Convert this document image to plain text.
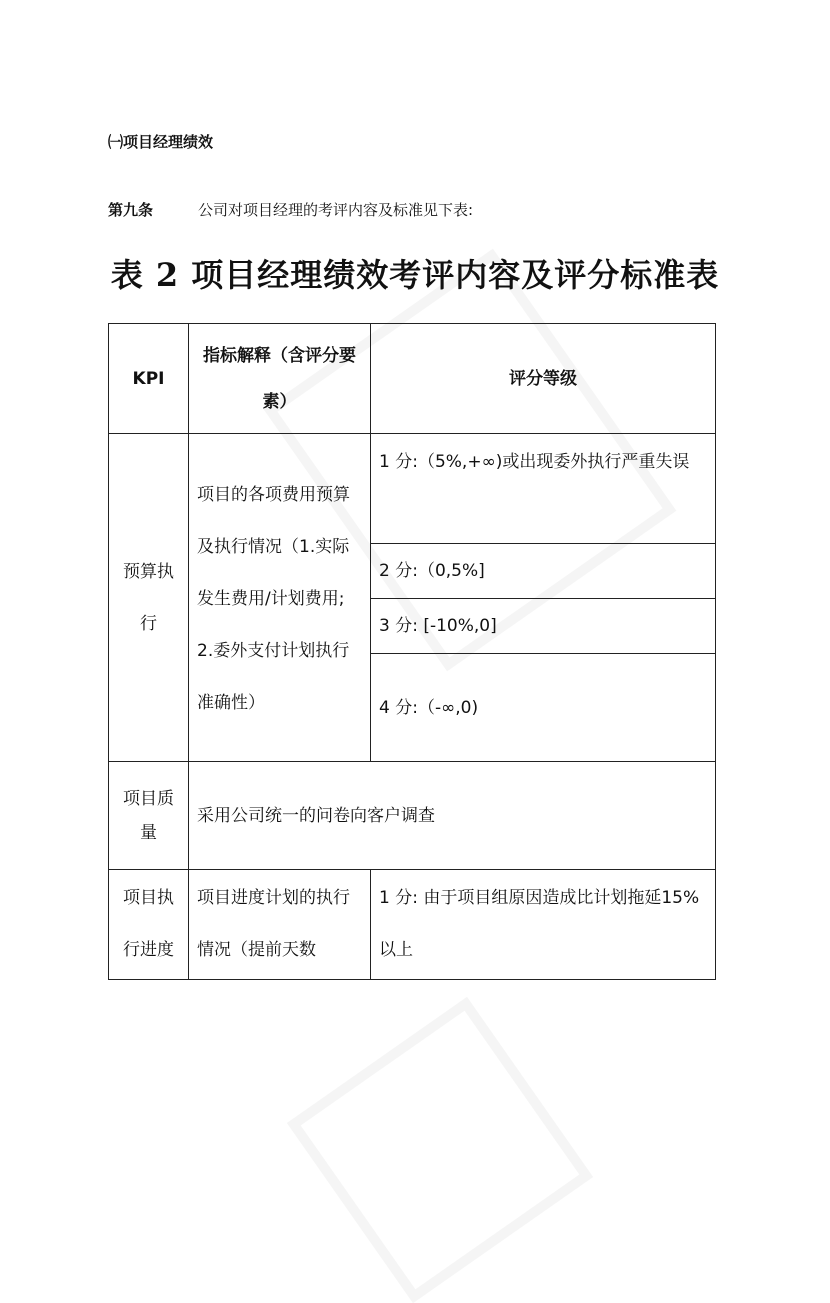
㈠项目经理绩效
第九条	公司对项目经理的考评内容及标准见下表:
表 2 项目经理绩效考评内容及评分标准表
KPI	指标解释（含评分要素）	评分等级
预算执行	项目的各项费用预算及执行情况（1.实际发生费用/计划费用; 2.委外支付计划执行准确性）	1 分:（5%,+∞)或出现委外执行严重失误
		2 分:（0,5%]
		3 分: [-10%,0]
		4 分:（-∞,0)
项目质量	采用公司统一的问卷向客户调查	
项目执行进度	项目进度计划的执行情况（提前天数	1 分: 由于项目组原因造成比计划拖延15%以上
